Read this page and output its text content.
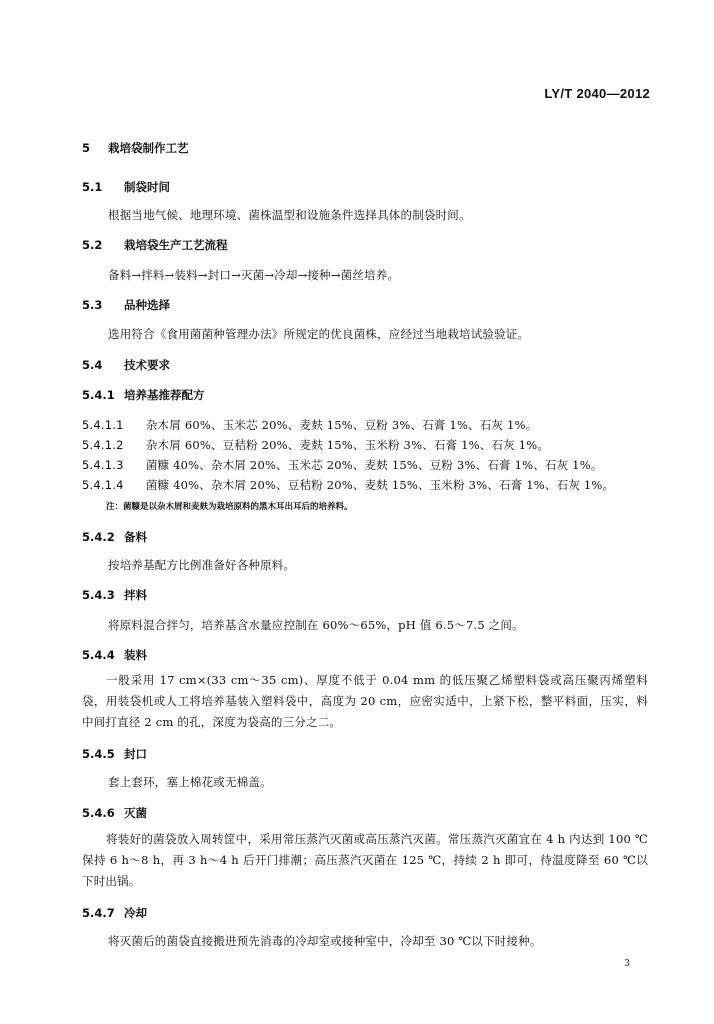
LY/T 2040—2012
5 栽培袋制作工艺
5.1 制袋时间
根据当地气候、地理环境、菌株温型和设施条件选择具体的制袋时间。
5.2 栽培袋生产工艺流程
备料→拌料→装料→封口→灭菌→冷却→接种→菌丝培养。
5.3 品种选择
选用符合《食用菌菌种管理办法》所规定的优良菌株，应经过当地栽培试验验证。
5.4 技术要求
5.4.1 培养基推荐配方
5.4.1.1 杂木屑 60%、玉米芯 20%、麦麸 15%、豆粉 3%、石膏 1%、石灰 1%。
5.4.1.2 杂木屑 60%、豆秸粉 20%、麦麸 15%、玉米粉 3%、石膏 1%、石灰 1%。
5.4.1.3 菌糠 40%、杂木屑 20%、玉米芯 20%、麦麸 15%、豆粉 3%、石膏 1%、石灰 1%。
5.4.1.4 菌糠 40%、杂木屑 20%、豆秸粉 20%、麦麸 15%、玉米粉 3%、石膏 1%、石灰 1%。
注：菌糠是以杂木屑和麦麸为栽培原料的黑木耳出耳后的培养料。
5.4.2 备料
按培养基配方比例准备好各种原料。
5.4.3 拌料
将原料混合拌匀，培养基含水量应控制在 60%～65%，pH 值 6.5～7.5 之间。
5.4.4 装料
一般采用 17 cm×(33 cm～35 cm)、厚度不低于 0.04 mm 的低压聚乙烯塑料袋或高压聚丙烯塑料袋，用装袋机或人工将培养基装入塑料袋中，高度为 20 cm，应密实适中，上紧下松，整平料面，压实，料中间打直径 2 cm 的孔，深度为袋高的三分之二。
5.4.5 封口
套上套环，塞上棉花或无棉盖。
5.4.6 灭菌
将装好的菌袋放入周转筐中，采用常压蒸汽灭菌或高压蒸汽灭菌。常压蒸汽灭菌宜在 4 h 内达到 100 ℃保持 6 h～8 h，再 3 h～4 h 后开门排潮；高压蒸汽灭菌在 125 ℃，持续 2 h 即可，待温度降至 60 ℃以下时出锅。
5.4.7 冷却
将灭菌后的菌袋直接搬进预先消毒的冷却室或接种室中，冷却至 30 ℃以下时接种。
3
